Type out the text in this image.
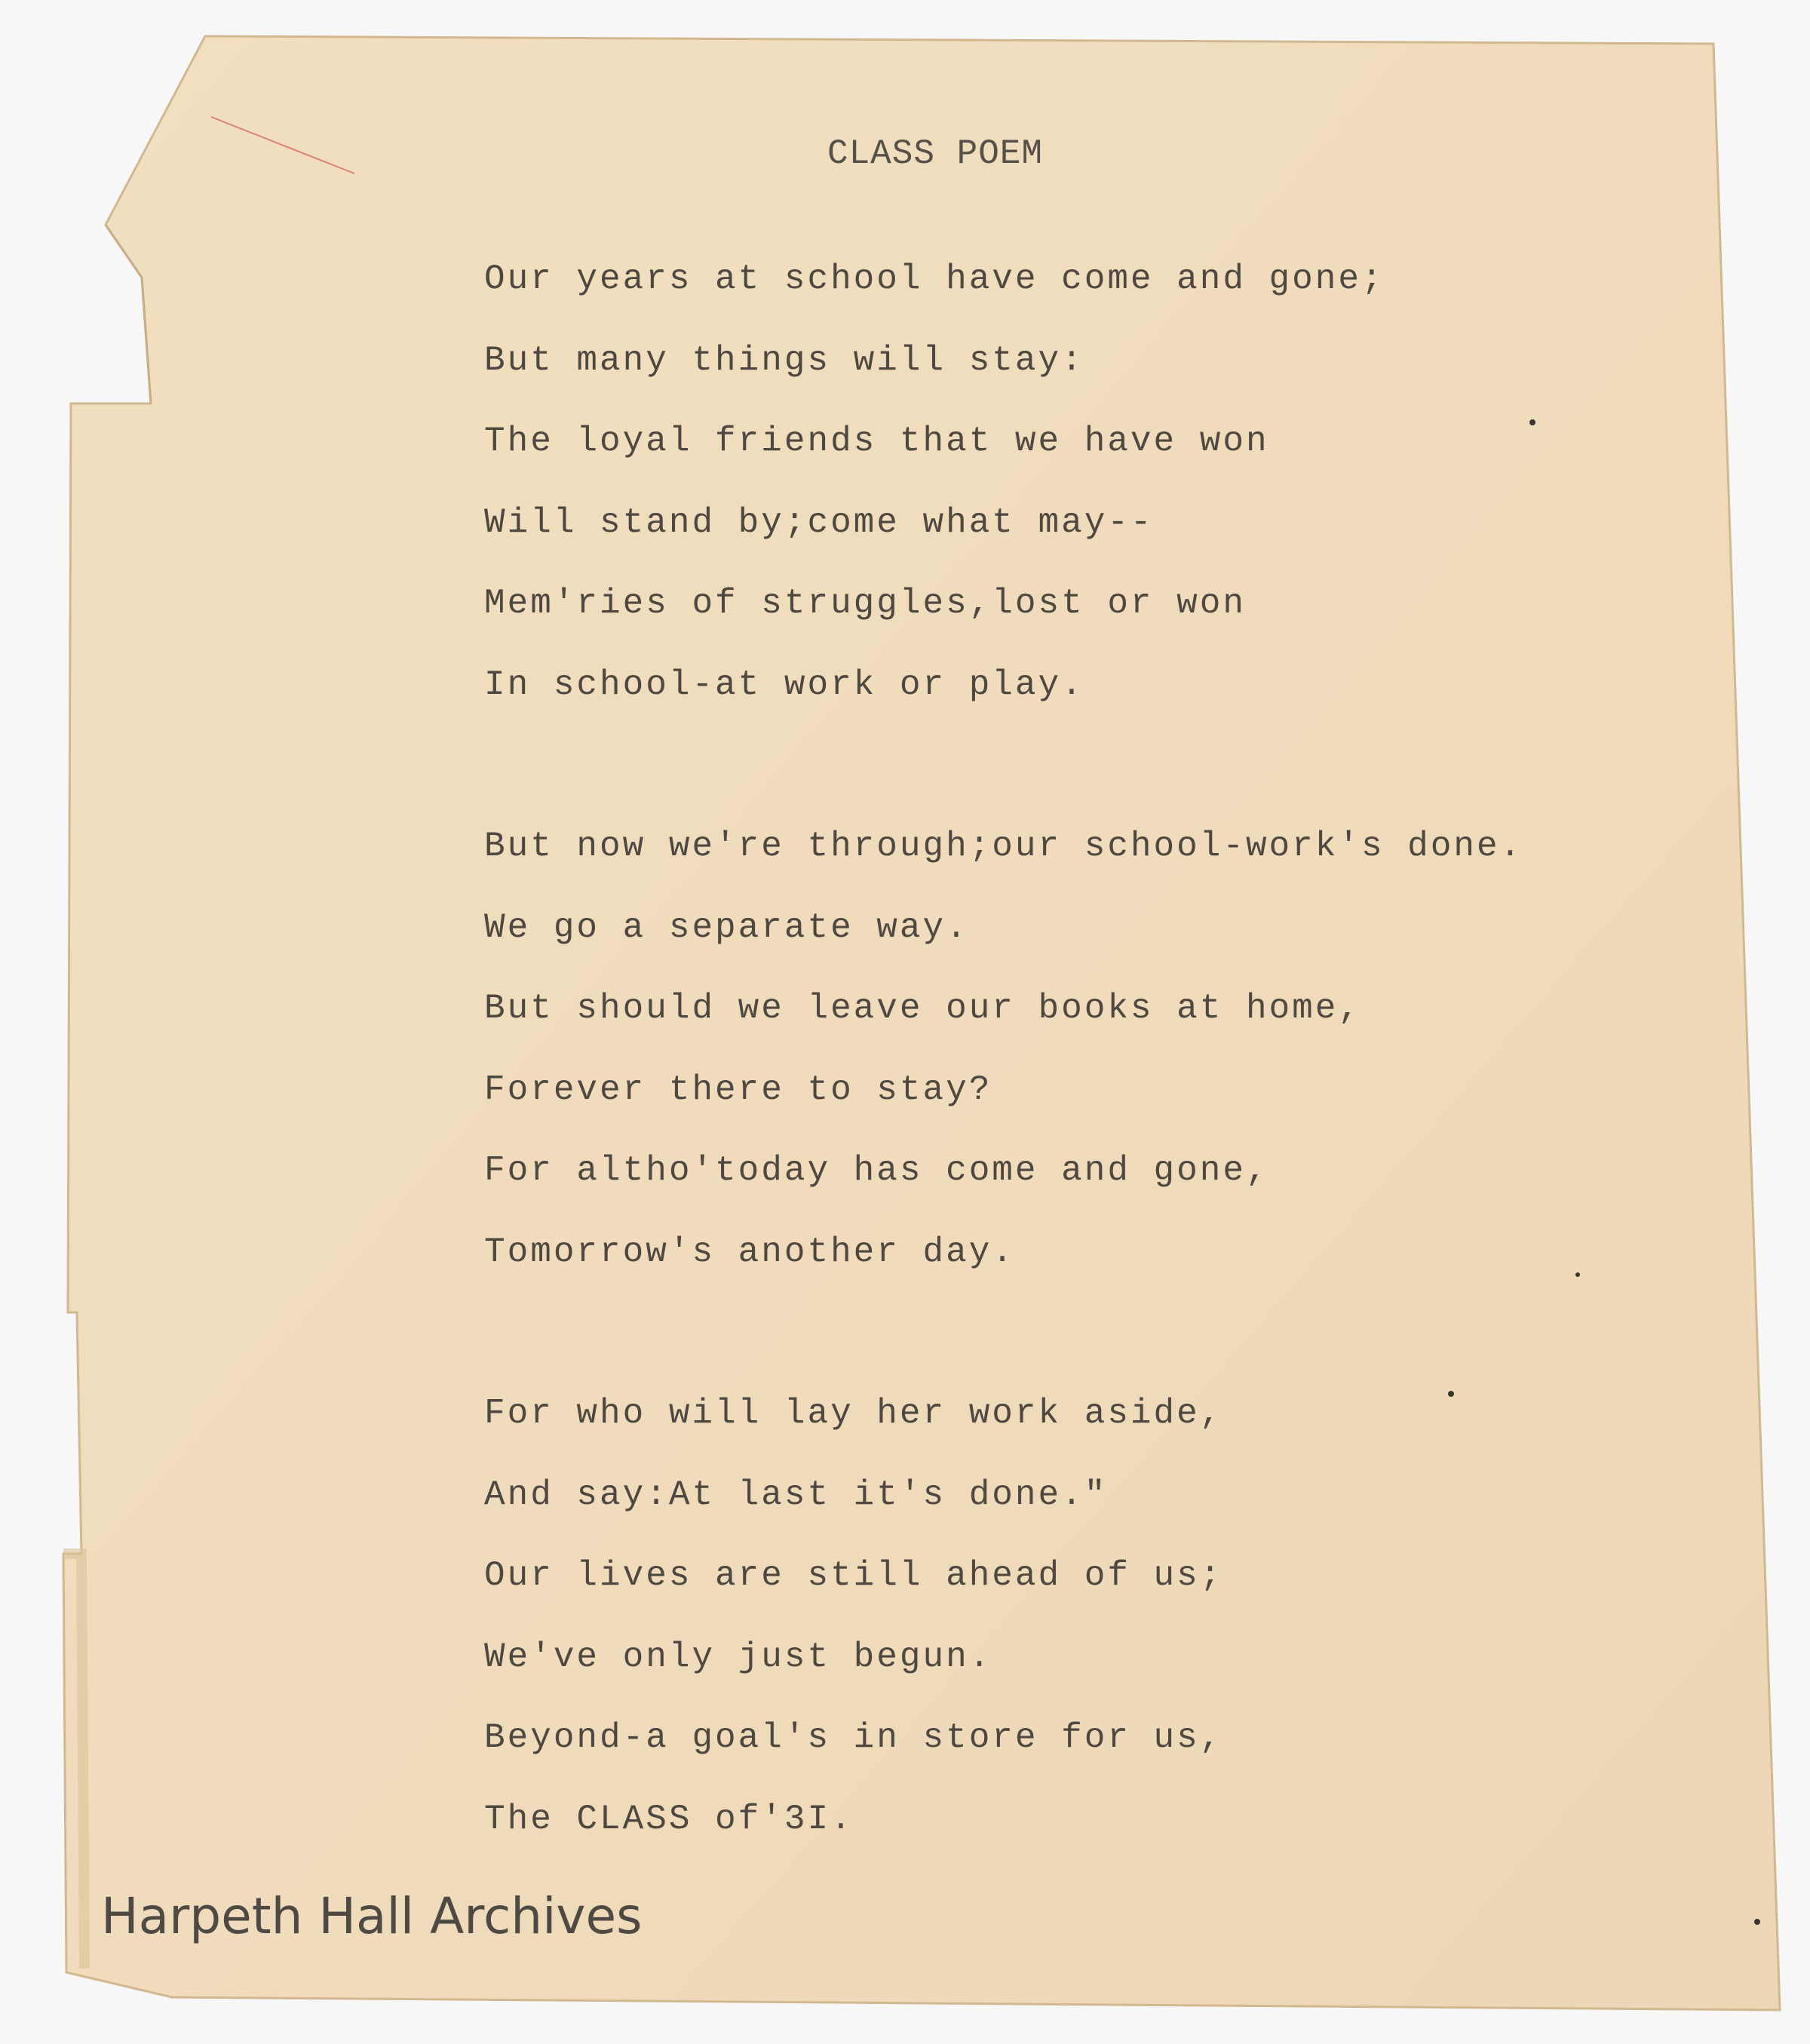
CLASS POEM
Our years at school have come and gone;
But many things will stay:
The loyal friends that we have won
Will stand by;come what may--
Mem'ries of struggles,lost or won
In school-at work or play.
But now we're through;our school-work's done.
We go a separate way.
But should we leave our books at home,
Forever there to stay?
For altho'today has come and gone,
Tomorrow's another day.
For who will lay her work aside,
And say:At last it's done."
Our lives are still ahead of us;
We've only just begun.
Beyond-a goal's in store for us,
The CLASS of'3I.
Harpeth Hall Archives
